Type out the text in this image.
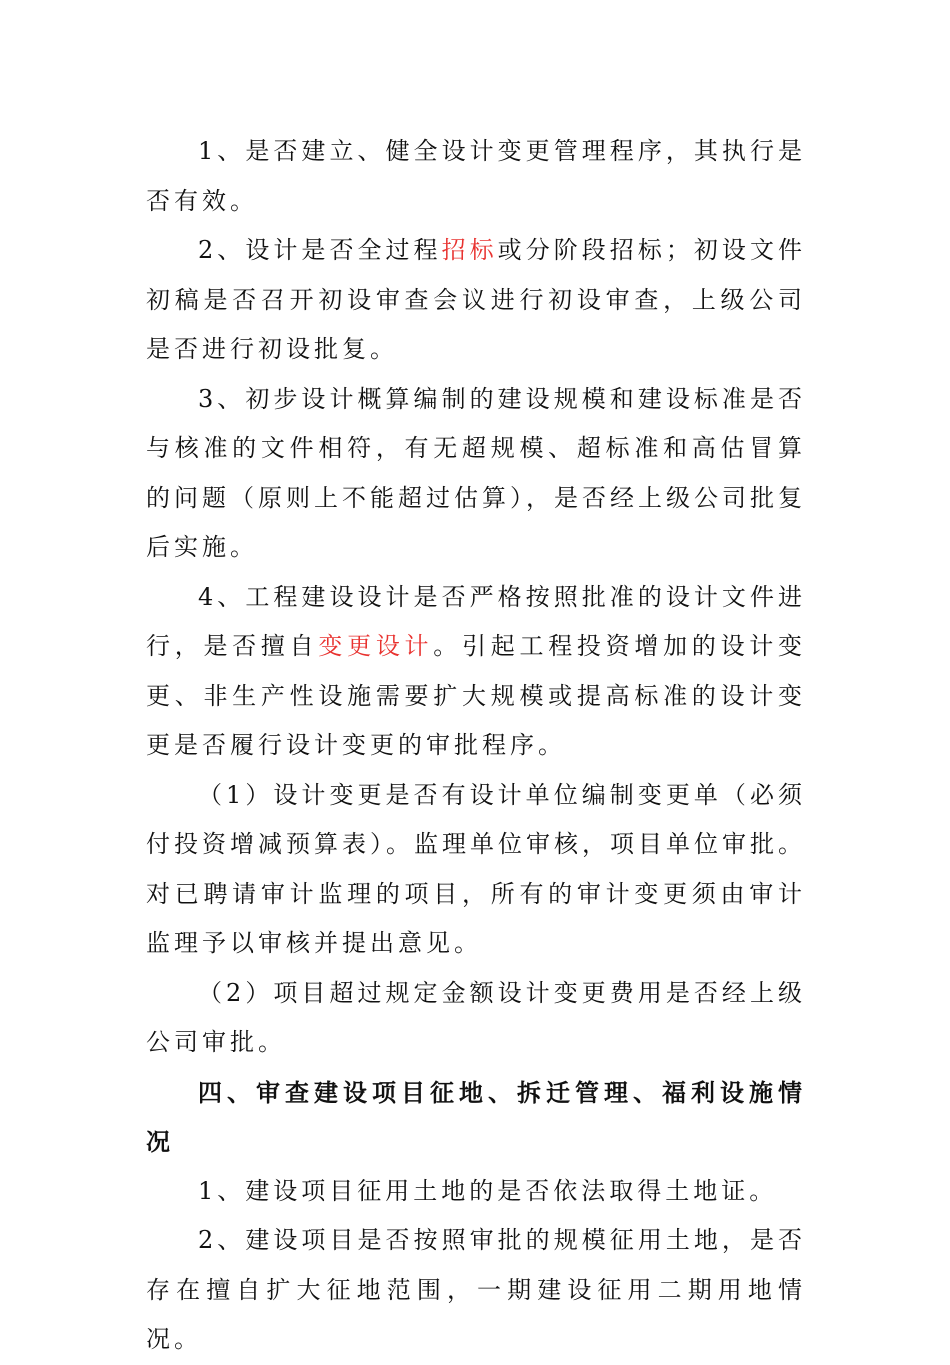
1、是否建立、健全设计变更管理程序，其执行是否有效。

2、设计是否全过程招标或分阶段招标；初设文件初稿是否召开初设审查会议进行初设审查，上级公司是否进行初设批复。

3、初步设计概算编制的建设规模和建设标准是否与核准的文件相符，有无超规模、超标准和高估冒算的问题（原则上不能超过估算），是否经上级公司批复后实施。

4、工程建设设计是否严格按照批准的设计文件进行，是否擅自变更设计。引起工程投资增加的设计变更、非生产性设施需要扩大规模或提高标准的设计变更是否履行设计变更的审批程序。

（1）设计变更是否有设计单位编制变更单（必须付投资增减预算表）。监理单位审核，项目单位审批。对已聘请审计监理的项目，所有的审计变更须由审计监理予以审核并提出意见。

（2）项目超过规定金额设计变更费用是否经上级公司审批。

四、审查建设项目征地、拆迁管理、福利设施情况

1、建设项目征用土地的是否依法取得土地证。

2、建设项目是否按照审批的规模征用土地，是否存在擅自扩大征地范围，一期建设征用二期用地情况。
